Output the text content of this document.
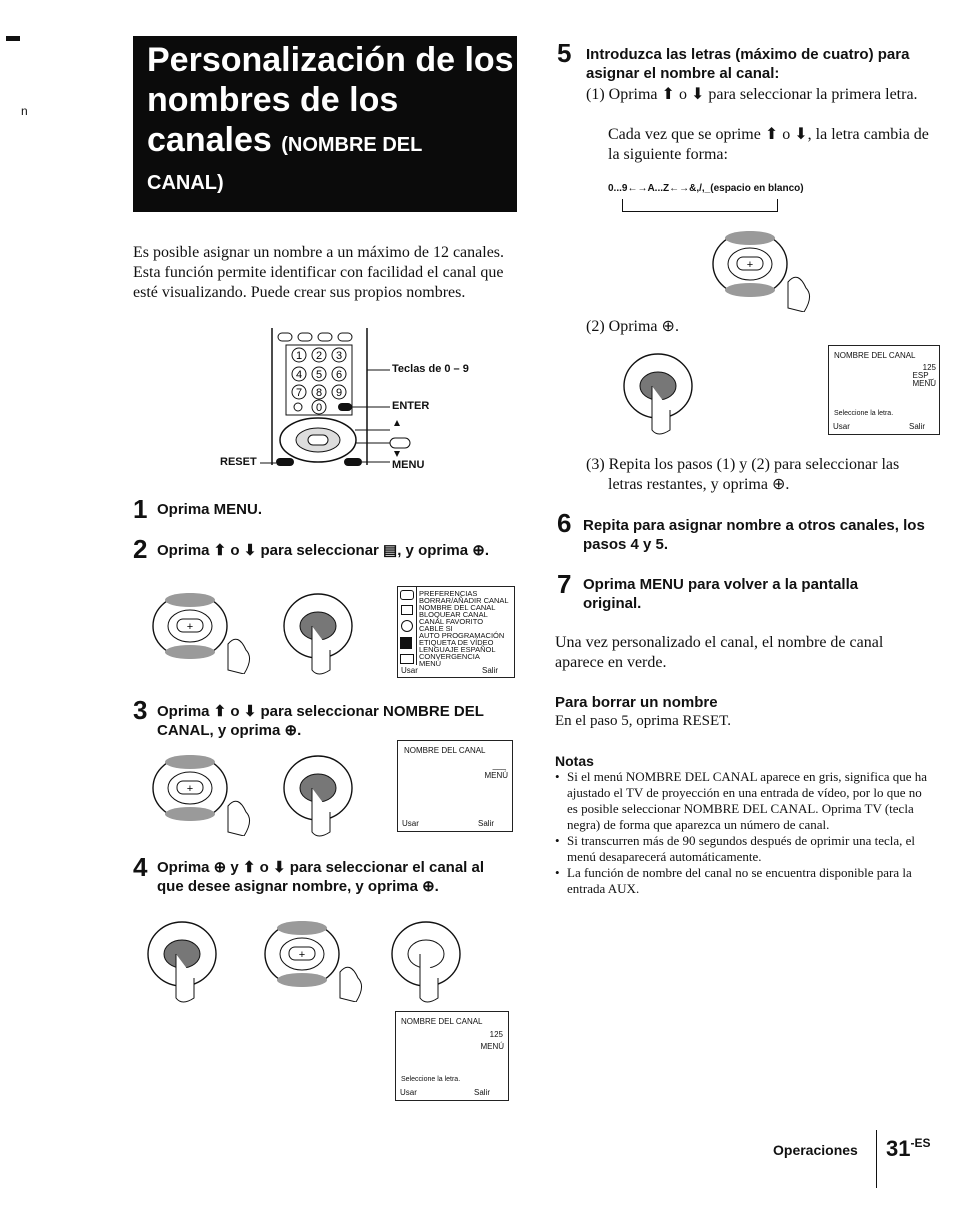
n
Personalización de los nombres de los canales (NOMBRE DEL
CANAL)
Es posible asignar un nombre a un máximo de 12 canales. Esta función permite identificar con facilidad el canal que esté visualizando. Puede crear sus propios nombres.
1 2 3
4 5 6
7 8 9
0
Teclas de 0 – 9
ENTER
RESET	MENU
1 Oprima MENU.
2 Oprima ⬆ o ⬇ para seleccionar ▤, y oprima ⊕.
+
PREFERENCIAS
BORRAR/AÑADIR CANAL
NOMBRE DEL CANAL
BLOQUEAR CANAL
CANAL FAVORITO
CABLE SI
AUTO PROGRAMACIÓN
ETIQUETA DE VÍDEO
LENGUAJE ESPAÑOL
CONVERGENCIA
MENÚ
Usar	Salir
3 Oprima ⬆ o ⬇ para seleccionar NOMBRE DEL CANAL, y oprima ⊕.
+
NOMBRE DEL CANAL
___
MENÚ
Usar	Salir
4 Oprima ⊕ y ⬆ o ⬇ para seleccionar el canal al que desee asignar nombre, y oprima ⊕.
+
NOMBRE DEL CANAL
125
MENÚ
Seleccione la letra.
Usar	Salir
5 Introduzca las letras (máximo de cuatro) para asignar el nombre al canal:
(1) Oprima ⬆ o ⬇ para seleccionar la primera letra.
Cada vez que se oprime ⬆ o ⬇, la letra cambia de la siguiente forma:
0...9←→A...Z←→&,/,_(espacio en blanco)
+
(2) Oprima ⊕.
NOMBRE DEL CANAL
125
ESP_
MENÚ
Seleccione la letra.
Usar	Salir
(3) Repita los pasos (1) y (2) para seleccionar las letras restantes, y oprima ⊕.
6 Repita para asignar nombre a otros canales, los pasos 4 y 5.
7 Oprima MENU para volver a la pantalla original.
Una vez personalizado el canal, el nombre de canal aparece en verde.
Para borrar un nombre
En el paso 5, oprima RESET.
Notas
• Si el menú NOMBRE DEL CANAL aparece en gris, significa que ha ajustado el TV de proyección en una entrada de vídeo, por lo que no es posible seleccionar NOMBRE DEL CANAL. Oprima TV (tecla negra) de forma que aparezca un número de canal.
• Si transcurren más de 90 segundos después de oprimir una tecla, el menú desaparecerá automáticamente.
• La función de nombre del canal no se encuentra disponible para la entrada AUX.
Operaciones $31^{-ES}$
